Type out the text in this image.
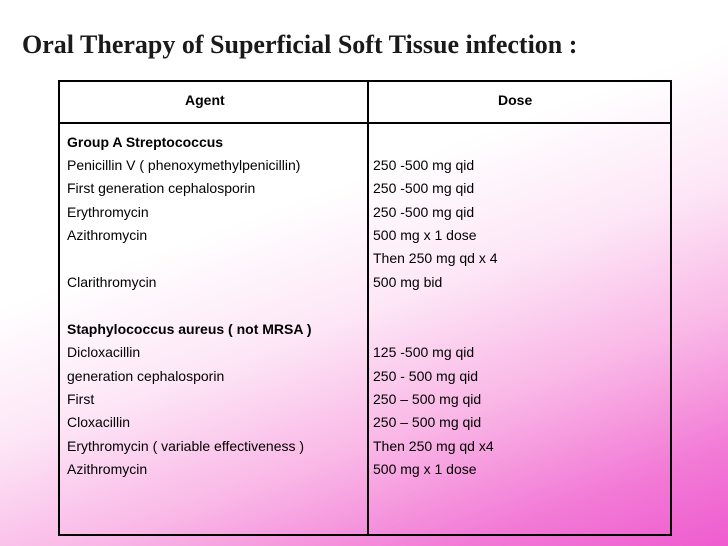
Oral Therapy of Superficial Soft Tissue infection :
Agent	Dose
Group A Streptococcus
Penicillin V ( phenoxymethylpenicillin)
First generation cephalosporin
Erythromycin
Azithromycin
Clarithromycin
Staphylococcus aureus ( not MRSA )
Dicloxacillin
generation cephalosporin
First
Cloxacillin
Erythromycin ( variable effectiveness )
Azithromycin
250 -500 mg qid
250 -500 mg qid
250 -500 mg qid
500 mg x 1 dose
Then 250 mg qd x 4
500 mg bid
125 -500 mg qid
250 - 500 mg qid
250 – 500 mg qid
250 – 500 mg qid
Then 250 mg qd x4
500 mg x 1 dose
